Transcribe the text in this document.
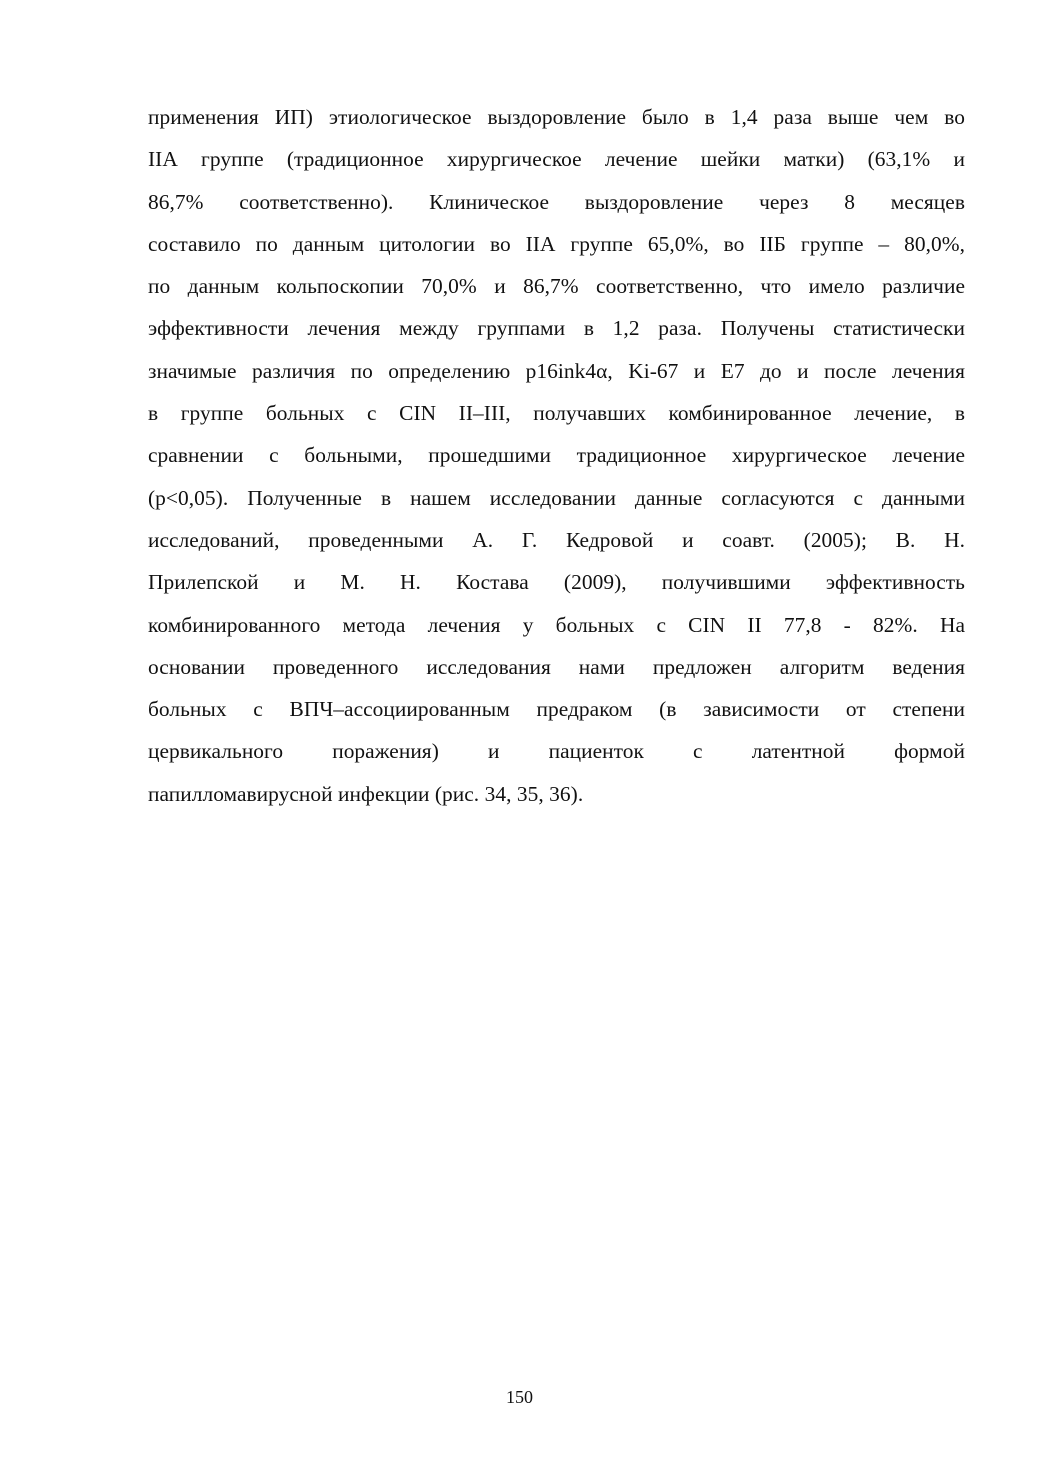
применения ИП) этиологическое выздоровление было в 1,4 раза выше чем во
IIА группе (традиционное хирургическое лечение шейки матки) (63,1% и
86,7% соответственно). Клиническое выздоровление через 8 месяцев
составило по данным цитологии во IIА группе 65,0%, во IIБ группе – 80,0%,
по данным кольпоскопии 70,0% и 86,7% соответственно, что имело различие
эффективности лечения между группами в 1,2 раза. Получены статистически
значимые различия по определению р16ink4α, Ki-67 и Е7 до и после лечения
в группе больных с CIN II–III, получавших комбинированное лечение, в
сравнении с больными, прошедшими традиционное хирургическое лечение
(р<0,05). Полученные в нашем исследовании данные согласуются с данными
исследований, проведенными А. Г. Кедровой и соавт. (2005); В. Н.
Прилепской и М. Н. Костава (2009), получившими эффективность
комбинированного метода лечения у больных с CIN II 77,8 - 82%. На
основании проведенного исследования нами предложен алгоритм ведения
больных с ВПЧ–ассоциированным предраком (в зависимости от степени
цервикального поражения) и пациенток с латентной формой
папилломавирусной инфекции (рис. 34, 35, 36).
150
